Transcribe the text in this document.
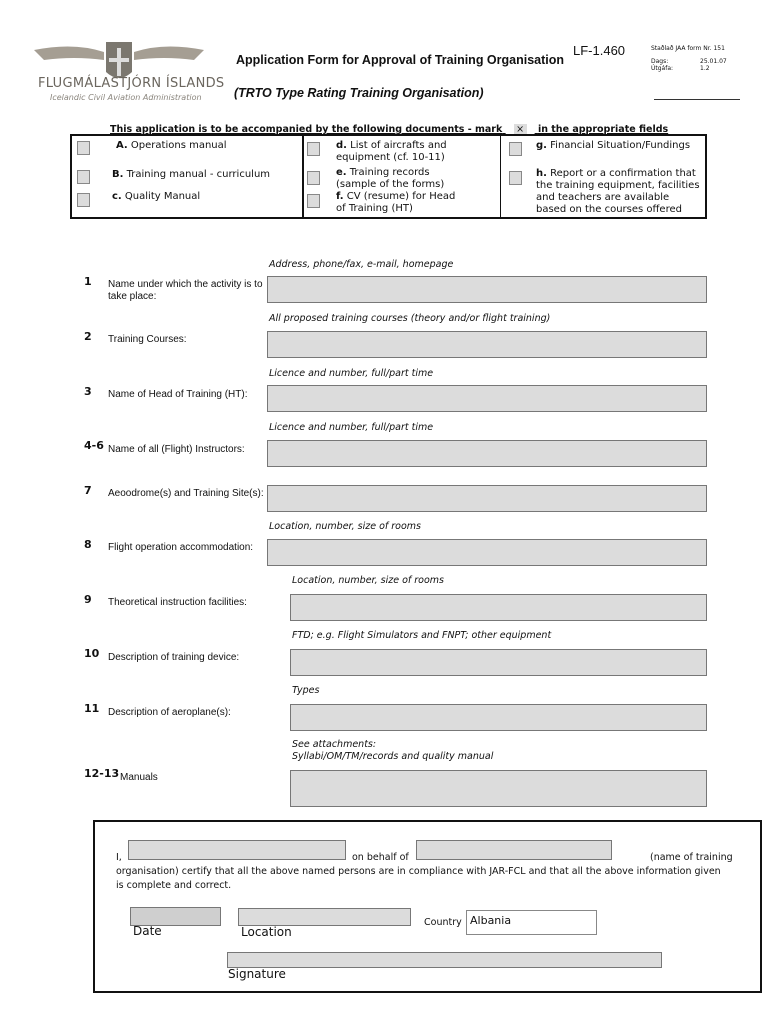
FLUGMÁLASTJÓRN ÍSLANDS
Icelandic Civil Aviation Administration
Application Form for Approval of Training Organisation
(TRTO Type Rating Training Organisation)
LF-1.460	Staðlað JAA form Nr. 151
Dags:	25.01.07
Útgáfa:	1.2
This application is to be accompanied by the following documents - mark × in the appropriate fields
A. Operations manual
B. Training manual - curriculum
c. Quality Manual
d. List of aircrafts and equipment (cf. 10-11)
e. Training records (sample of the forms)
f. CV (resume) for Head of Training (HT)
g. Financial Situation/Fundings
h. Report or a confirmation that the training equipment, facilities and teachers are available based on the courses offered
Address, phone/fax, e-mail, homepage
1 Name under which the activity is to take place:
All proposed training courses (theory and/or flight training)
2 Training Courses:
Licence and number, full/part time
3 Name of Head of Training (HT):
Licence and number, full/part time
4-6 Name of all (Flight) Instructors:
7 Aeoodrome(s) and Training Site(s):
Location, number, size of rooms
8 Flight operation accommodation:
Location, number, size of rooms
9 Theoretical instruction facilities:
FTD; e.g. Flight Simulators and FNPT; other equipment
10 Description of training device:
Types
11 Description of aeroplane(s):
See attachments:
Syllabi/OM/TM/records and quality manual
12-13 Manuals
I,	on behalf of	(name of training
organisation) certify that all the above named persons are in compliance with JAR-FCL and that all the above information given is complete and correct.
Date	Location
Country Albania
Signature
